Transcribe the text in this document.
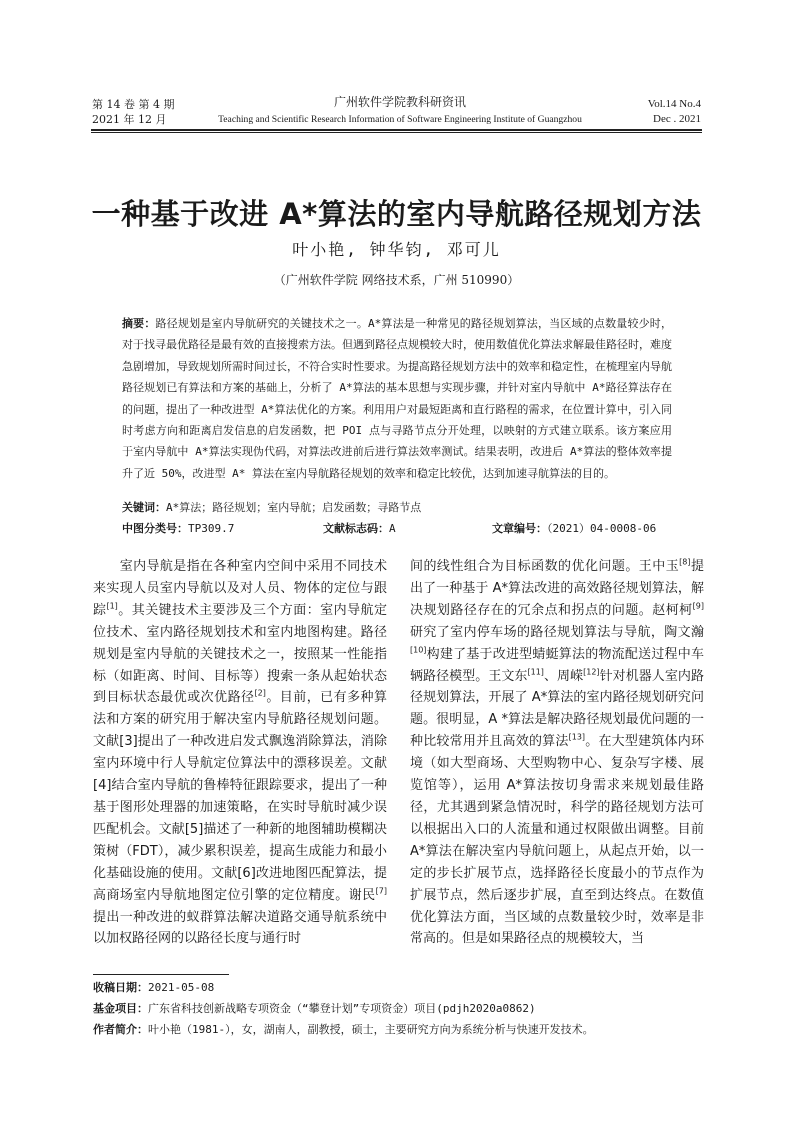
第 14 卷 第 4 期
2021 年 12 月
广州软件学院教科研资讯
Teaching and Scientific Research Information of Software Engineering Institute of Guangzhou
Vol.14 No.4
Dec . 2021
一种基于改进 A*算法的室内导航路径规划方法
叶小艳, 钟华钧, 邓可儿
（广州软件学院 网络技术系，广州 510990）
摘要：路径规划是室内导航研究的关键技术之一。A*算法是一种常见的路径规划算法，当区域的点数量较少时，对于找寻最优路径是最有效的直接搜索方法。但遇到路径点规模较大时，使用数值优化算法求解最佳路径时，难度急剧增加，导致规划所需时间过长，不符合实时性要求。为提高路径规划方法中的效率和稳定性，在梳理室内导航路径规划已有算法和方案的基础上，分析了 A*算法的基本思想与实现步骤，并针对室内导航中 A*路径算法存在的问题，提出了一种改进型 A*算法优化的方案。利用用户对最短距离和直行路程的需求，在位置计算中，引入同时考虑方向和距离启发信息的启发函数，把 POI 点与寻路节点分开处理，以映射的方式建立联系。该方案应用于室内导航中 A*算法实现伪代码，对算法改进前后进行算法效率测试。结果表明，改进后 A*算法的整体效率提升了近 50%，改进型 A* 算法在室内导航路径规划的效率和稳定比较优，达到加速寻航算法的目的。
关键词：A*算法；路径规划；室内导航；启发函数；寻路节点
中图分类号：TP309.7	文献标志码：A	文章编号：（2021）04-0008-06
　　室内导航是指在各种室内空间中采用不同技术来实现人员室内导航以及对人员、物体的定位与跟踪[1]。其关键技术主要涉及三个方面：室内导航定位技术、室内路径规划技术和室内地图构建。路径规划是室内导航的关键技术之一，按照某一性能指标（如距离、时间、目标等）搜索一条从起始状态到目标状态最优或次优路径[2]。目前，已有多种算法和方案的研究用于解决室内导航路径规划问题。文献[3]提出了一种改进启发式飘逸消除算法，消除室内环境中行人导航定位算法中的漂移误差。文献[4]结合室内导航的鲁棒特征跟踪要求，提出了一种基于图形处理器的加速策略，在实时导航时减少误匹配机会。文献[5]描述了一种新的地图辅助模糊决策树（FDT），减少累积误差，提高生成能力和最小化基础设施的使用。文献[6]改进地图匹配算法，提高商场室内导航地图定位引擎的定位精度。谢民[7]提出一种改进的蚁群算法解决道路交通导航系统中以加权路径网的以路径长度与通行时
间的线性组合为目标函数的优化问题。王中玉[8]提出了一种基于 A*算法改进的高效路径规划算法，解决规划路径存在的冗余点和拐点的问题。赵柯柯[9]研究了室内停车场的路径规划算法与导航，陶文瀚[10]构建了基于改进型蜻蜓算法的物流配送过程中车辆路径模型。王文东[11]、周嵘[12]针对机器人室内路径规划算法，开展了 A*算法的室内路径规划研究问题。很明显，A *算法是解决路径规划最优问题的一种比较常用并且高效的算法[13]。在大型建筑体内环境（如大型商场、大型购物中心、复杂写字楼、展览馆等），运用 A*算法按切身需求来规划最佳路径，尤其遇到紧急情况时，科学的路径规划方法可以根据出入口的人流量和通过权限做出调整。目前 A*算法在解决室内导航问题上，从起点开始，以一定的步长扩展节点，选择路径长度最小的节点作为扩展节点，然后逐步扩展，直至到达终点。在数值优化算法方面，当区域的点数量较少时，效率是非常高的。但是如果路径点的规模较大，当
收稿日期：2021-05-08
基金项目：广东省科技创新战略专项资金（“攀登计划”专项资金）项目(pdjh2020a0862)
作者简介：叶小艳（1981-），女，湖南人，副教授，硕士，主要研究方向为系统分析与快速开发技术。
